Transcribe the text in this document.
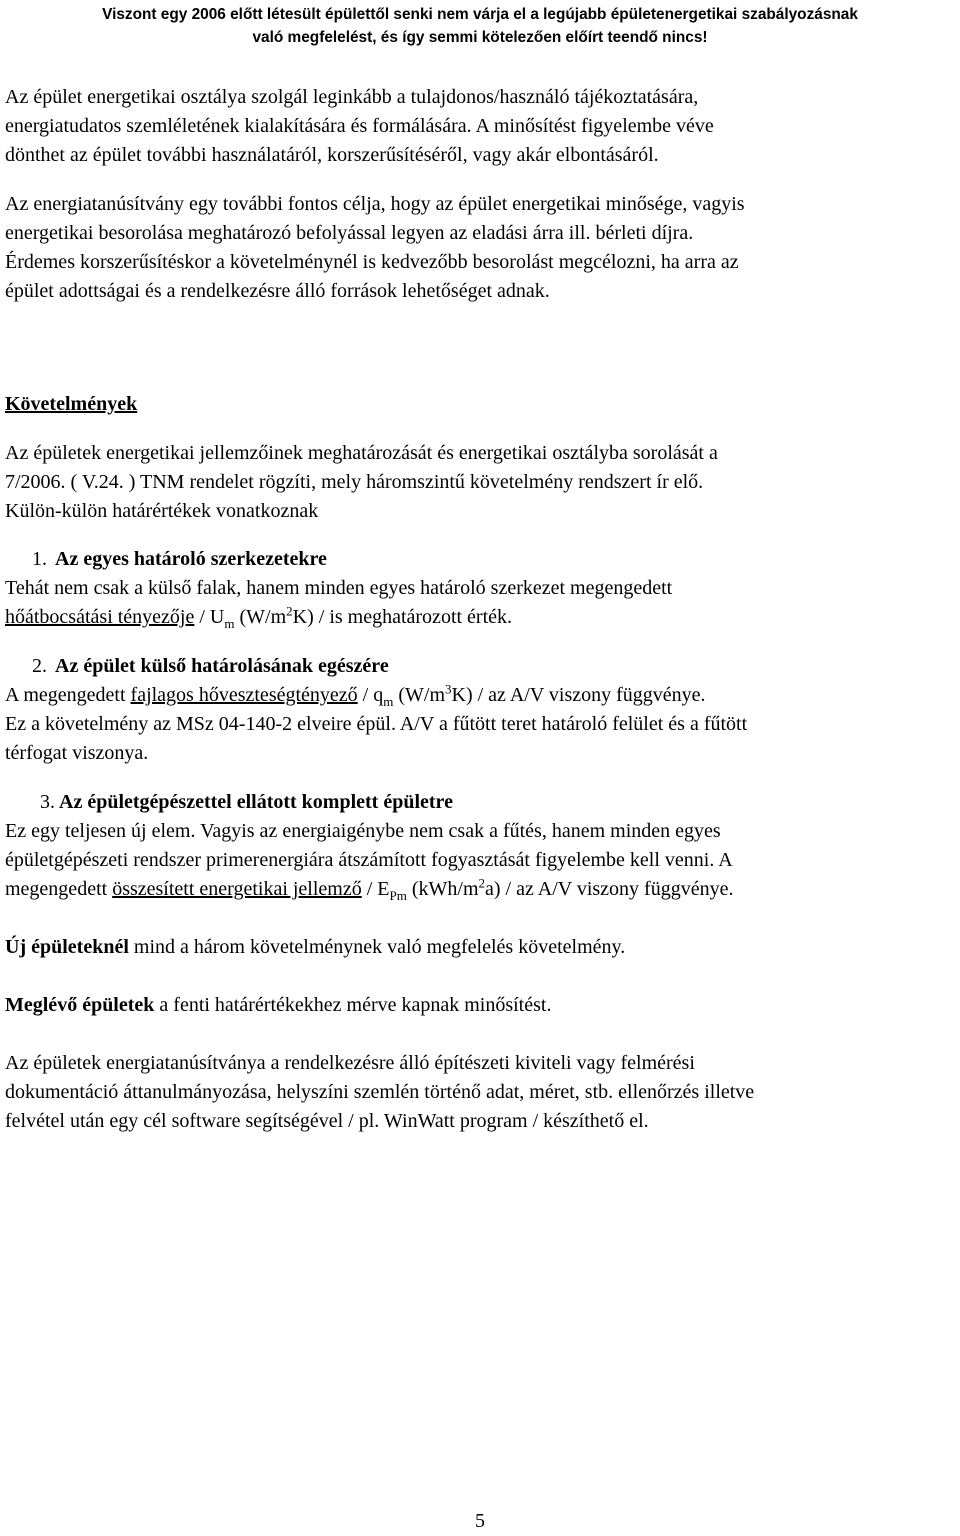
Viszont egy 2006 előtt létesült épülettől senki nem várja el a legújabb épületenergetikai szabályozásnak
való megfelelést, és így semmi kötelezően előírt teendő nincs!

Az épület energetikai osztálya szolgál leginkább a tulajdonos/használó tájékoztatására,

energiatudatos szemléletének kialakítására és formálására. A minősítést figyelembe véve

dönthet az épület további használatáról, korszerűsítéséről, vagy akár elbontásáról.

Az energiatanúsítvány egy további fontos célja, hogy az épület energetikai minősége, vagyis

energetikai besorolása meghatározó befolyással legyen az eladási árra ill. bérleti díjra.

Érdemes korszerűsítéskor a követelménynél is kedvezőbb besorolást megcélozni, ha arra az

épület adottságai és a rendelkezésre álló források lehetőséget adnak.

Követelmények

Az épületek energetikai jellemzőinek meghatározását és energetikai osztályba sorolását a

7/2006. ( V.24. ) TNM rendelet rögzíti, mely háromszintű követelmény rendszert ír elő.

Külön-külön határértékek vonatkoznak

1. Az egyes határoló szerkezetekre

Tehát nem csak a külső falak, hanem minden egyes határoló szerkezet megengedett

hőátbocsátási tényezője / $U_m$ $(W/m^2K)$ / is meghatározott érték.

2. Az épület külső határolásának egészére

A megengedett fajlagos hőveszteségtényező / $q_m$ $(W/m^3K)$ / az A/V viszony függvénye.

Ez a követelmény az MSz 04-140-2 elveire épül. A/V a fűtött teret határoló felület és a fűtött

térfogat viszonya.

3. Az épületgépészettel ellátott komplett épületre

Ez egy teljesen új elem. Vagyis az energiaigénybe nem csak a fűtés, hanem minden egyes

épületgépészeti rendszer primerenergiára átszámított fogyasztását figyelembe kell venni. A

megengedett összesített energetikai jellemző / $E_{Pm}$ $(kWh/m^2a)$ / az A/V viszony függvénye.

Új épületeknél mind a három követelménynek való megfelelés követelmény.

Meglévő épületek a fenti határértékekhez mérve kapnak minősítést.

Az épületek energiatanúsítványa a rendelkezésre álló építészeti kiviteli vagy felmérési

dokumentáció áttanulmányozása, helyszíni szemlén történő adat, méret, stb. ellenőrzés illetve

felvétel után egy cél software segítségével / pl. WinWatt program / készíthető el.

5
